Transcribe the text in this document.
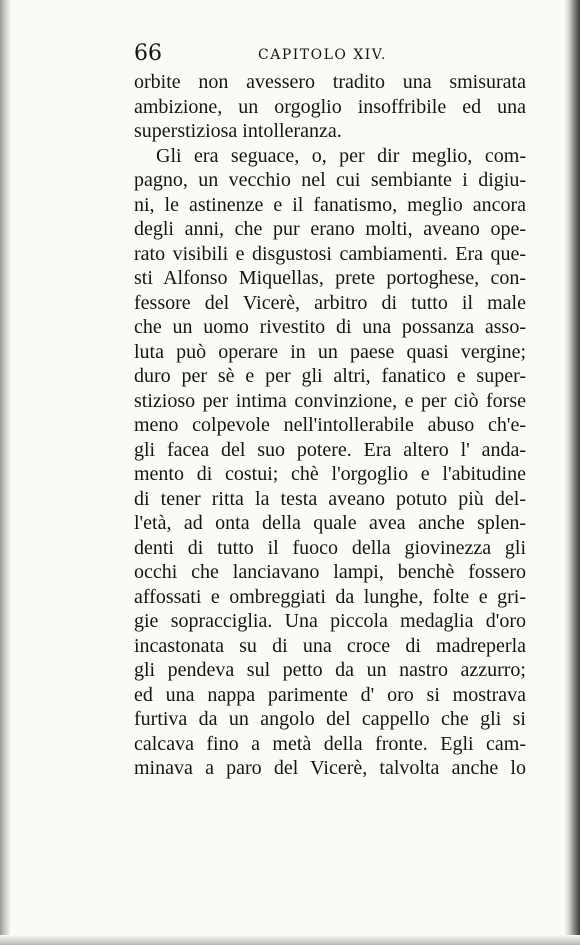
66	CAPITOLO XIV.
orbite non avessero tradito una smisurata
ambizione, un orgoglio insoffribile ed una
superstiziosa intolleranza.
Gli era seguace, o, per dir meglio, com-
pagno, un vecchio nel cui sembiante i digiu-
ni, le astinenze e il fanatismo, meglio ancora
degli anni, che pur erano molti, aveano ope-
rato visibili e disgustosi cambiamenti. Era que-
sti Alfonso Miquellas, prete portoghese, con-
fessore del Vicerè, arbitro di tutto il male
che un uomo rivestito di una possanza asso-
luta può operare in un paese quasi vergine;
duro per sè e per gli altri, fanatico e super-
stizioso per intima convinzione, e per ciò forse
meno colpevole nell'intollerabile abuso ch'e-
gli facea del suo potere. Era altero l' anda-
mento di costui; chè l'orgoglio e l'abitudine
di tener ritta la testa aveano potuto più del-
l'età, ad onta della quale avea anche splen-
denti di tutto il fuoco della giovinezza gli
occhi che lanciavano lampi, benchè fossero
affossati e ombreggiati da lunghe, folte e gri-
gie sopracciglia. Una piccola medaglia d'oro
incastonata su di una croce di madreperla
gli pendeva sul petto da un nastro azzurro;
ed una nappa parimente d' oro si mostrava
furtiva da un angolo del cappello che gli si
calcava fino a metà della fronte. Egli cam-
minava a paro del Vicerè, talvolta anche lo
